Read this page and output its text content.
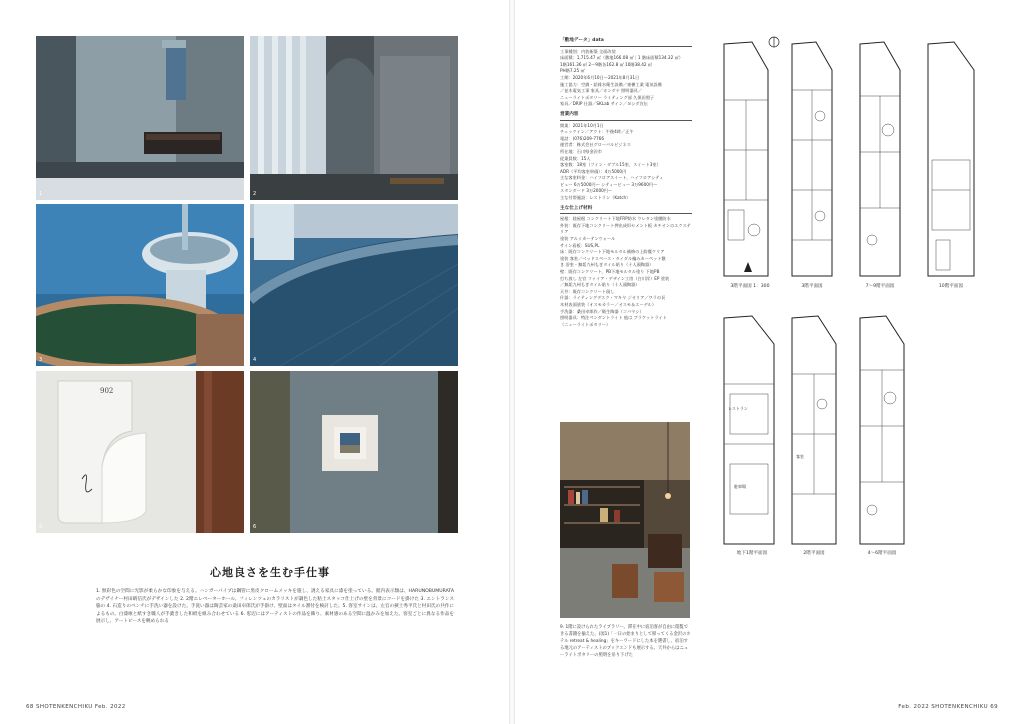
1	2
3	4
902
5	6
心地良さを生む手仕事
1. 無彩色の空間に光影が柔らかな印象を与える。ハンガーパイプは鋼管に黒皮クロームメッキを施し、誂える家具に漆を塗っている。館内表示類は、HARUNOBUMURATAのデザイナー村田晴信氏がデザインした 2. 2階エレベーターホール。フィレンツェのカラリストが調色した粘土スタッコ仕上げの壁を背景にコードを掛けた 3. エントランス脇の 4. 石造りのベンチに手洗い器を設けた。手洗い器は陶芸家の桑田卓郎氏が手掛け、壁面はタイル割付を検討した。5. 客室サインは、左官の挾土秀平氏と村田氏の共作によるもの。白漆喰と紙すき職人が手漉きした和紙を組み合わせている 6. 窓辺にはアーティストの作品を飾り、素材感のある空間に温かみを加えた。客室ごとに異なる作品を展示し、アートピースを眺められる
68 SHOTENKENCHIKU Feb. 2022
「敷地データ」data
工事種別：内装新築 全面改装
床面積：1,715.47 ㎡（敷地166.08 ㎡｜1 階床面積134.32 ㎡）
1階161.36 ㎡ 2〜9階各162.8 ㎡ 10階38.42 ㎡
PH階7.25 ㎡
工期：2020年6月10日〜2021年8月31日
施工協力：空調・給排水衛生設備／東横工業 電気設備
／並木電気工事 家具／ホンダヤ 照明器具／
ニューライトポタリー ライティング部 久保田照子
家具／DRIP 仕器／SKLab サイン／ヨシダ宣伝
営業内容
開業：2021年10月1日
チェックイン／アウト：午後4時／正午
電話：(076)209-7766
運営者：株式会社グローバルビジネス
所在地：石川県金沢市
従業員数：15人
客室数：18室（ツイン・ダブル15室、スイート3室）
ADR（平均客室単価）：4万5000円
主な客室料金：ハイフロアスイート、ハイフロアシティ
ビュー 6万5000円〜 シティービュー 3万9600円〜
スタンダード 3万2000円〜
主な付帯施設：レストラン（Katch）
主な仕上げ材料
屋根：陸屋根 コンクリート下地FRP防水 ウレタン塗膜防水
外装：既存下地コンクリート押出成形セメント板 カチオンのエクステリア
塗装 アルミカーテンウォール
サイン看板：SUS,PL
床：既存コンクリート下地モルタル補修の上防塵クリア
塗装 客室／ベッドスペース・タイダル編みカーペット敷
き 浴室・無垢九州もぎタイル貼り（十人頭陶器）
壁：既存コンクリート、PB下地モルタル塗り 下地PB
打ち放し 左官 ファイア・デザイン工房（白川淳）EP 塗装
／無垢九州もぎタイル貼り（十人頭陶器）
天井：既存コンクリート現し
什器：ライティングデスク・マキヤ ジオリア／ワラの長
木材表面塗装（オスモカラー／オスモ＆エーデル）
手洗器：桑田卓郎作／衛生陶器（コバヤシ）
照明器具：特注ペンダントライト 他は ブラケットライト
（ニューライトポタリー）
9. 1階に設けられたライブラリー。滞在中に宿泊客が自由に閲覧できる書籍を揃えた。(図1)「一日の始まりとして帰ってくる金沢のホテル retreat & healing」をキーワードにした本を選書し、宿泊する地元のアーティストのブックエンドも展示する。天井からはニューライトポタリーの照明を吊り下げた
3階平面図 1：300	3階平面図	7〜9階平面図	10階平面図
レストラン
駐車場
地下1階平面図
客室
2階平面図	4〜6階平面図
Feb. 2022 SHOTENKENCHIKU 69
